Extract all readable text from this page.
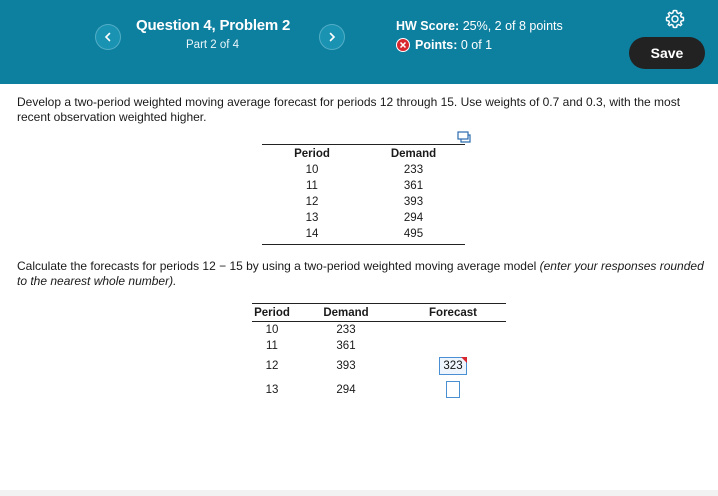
Question 4, Problem 2
Part 2 of 4
HW Score: 25%, 2 of 8 points
Points: 0 of 1	Save
Develop a two-period weighted moving average forecast for periods 12 through 15. Use weights of 0.7 and 0.3, with the most recent observation weighted higher.
Period	Demand
10	233
11	361
12	393
13	294
14	495
Calculate the forecasts for periods 12 − 15 by using a two-period weighted moving average model (enter your responses rounded to the nearest whole number).
Period	Demand	Forecast
10	233	
11	361	
12	393	323

13	294	
